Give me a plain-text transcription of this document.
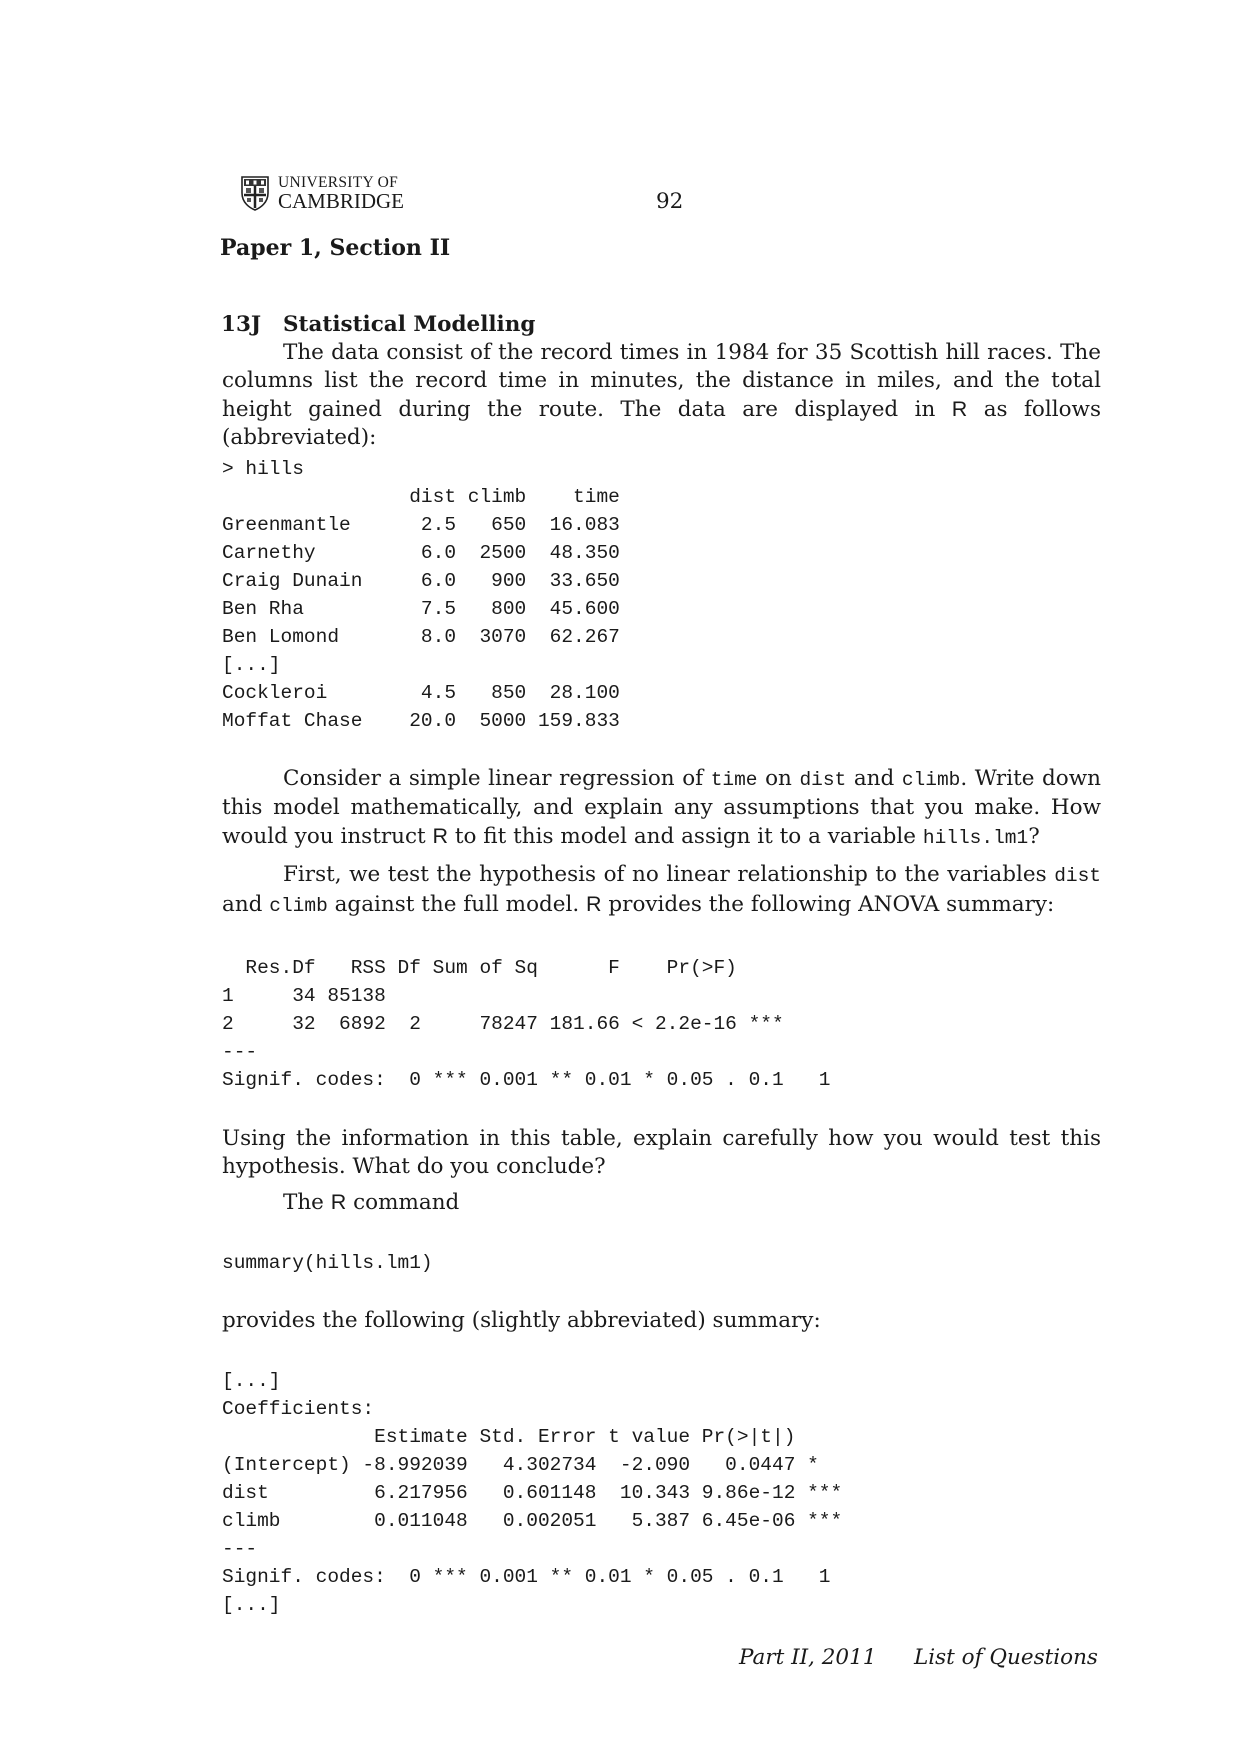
UNIVERSITY OF
CAMBRIDGE	92
Paper 1, Section II
13J Statistical Modelling
The data consist of the record times in 1984 for 35 Scottish hill races. The columns list the record time in minutes, the distance in miles, and the total height gained during the route. The data are displayed in R as follows (abbreviated):
> hills
dist climb    time
Greenmantle      2.5   650  16.083
Carnethy         6.0  2500  48.350
Craig Dunain     6.0   900  33.650
Ben Rha          7.5   800  45.600
Ben Lomond       8.0  3070  62.267
[...]
Cockleroi        4.5   850  28.100
Moffat Chase    20.0  5000 159.833
Consider a simple linear regression of time on dist and climb. Write down this model mathematically, and explain any assumptions that you make. How would you instruct R to fit this model and assign it to a variable hills.lm1?
First, we test the hypothesis of no linear relationship to the variables dist and climb against the full model. R provides the following ANOVA summary:
Res.Df   RSS Df Sum of Sq      F    Pr(>F)
1     34 85138
2     32  6892  2     78247 181.66 < 2.2e-16 ***
---
Signif. codes:  0 *** 0.001 ** 0.01 * 0.05 . 0.1   1
Using the information in this table, explain carefully how you would test this hypothesis. What do you conclude?
The R command
summary(hills.lm1)
provides the following (slightly abbreviated) summary:
[...]
Coefficients:
Estimate Std. Error t value Pr(>|t|)
(Intercept) -8.992039   4.302734  -2.090   0.0447 *
dist         6.217956   0.601148  10.343 9.86e-12 ***
climb        0.011048   0.002051   5.387 6.45e-06 ***
---
Signif. codes:  0 *** 0.001 ** 0.01 * 0.05 . 0.1   1
[...]
Part II, 2011 List of Questions
